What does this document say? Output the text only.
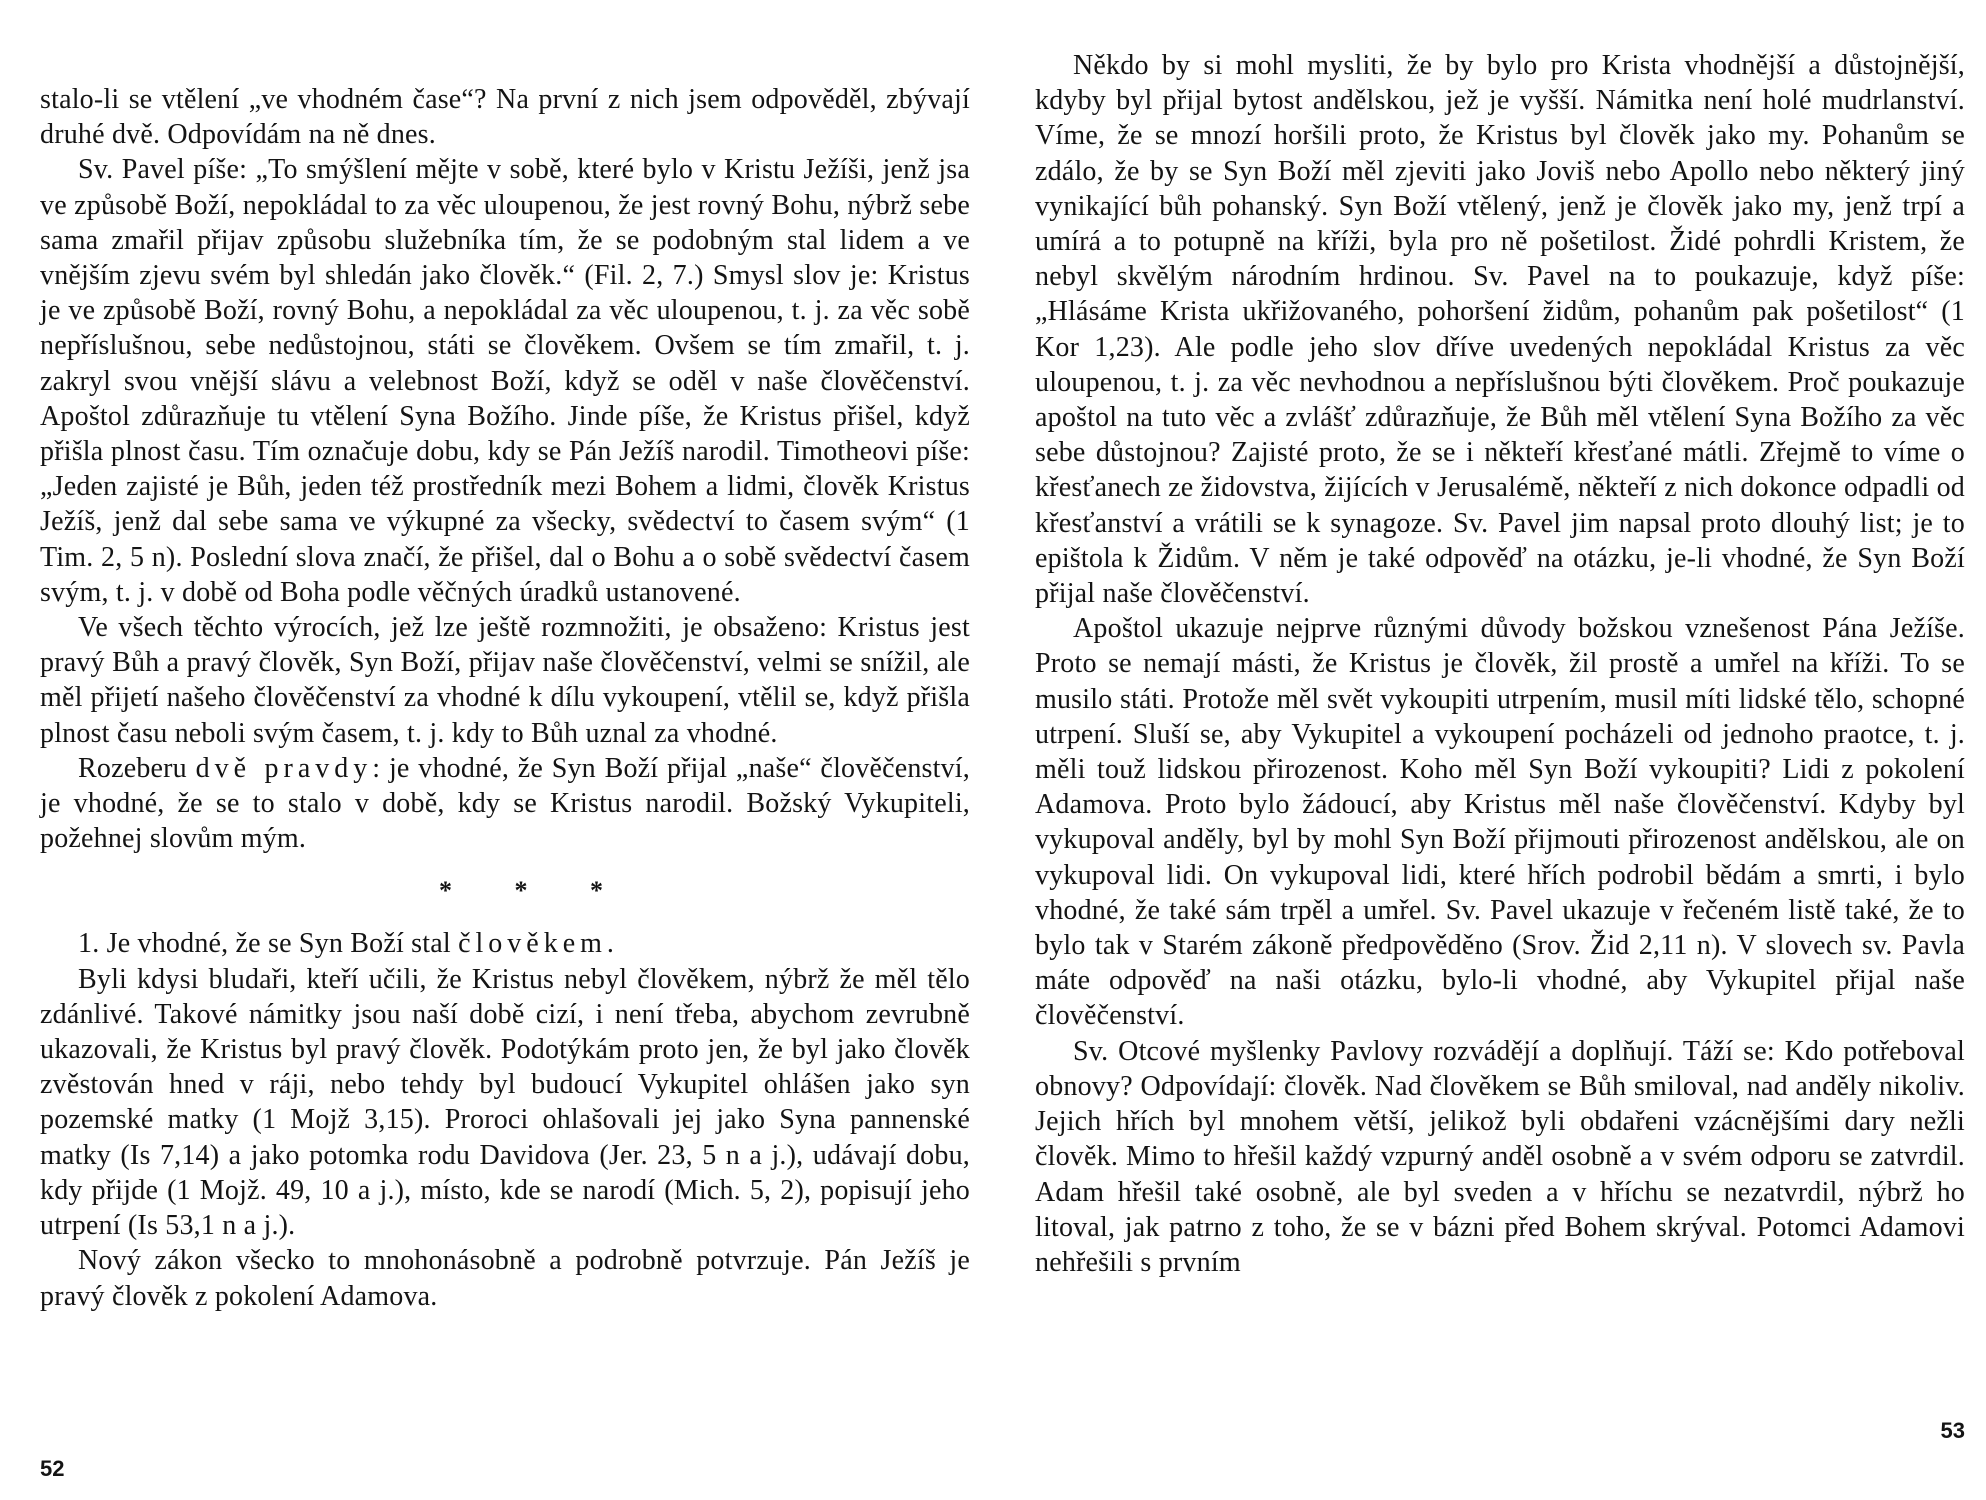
stalo-li se vtělení „ve vhodném čase“? Na první z nich jsem odpověděl, zbývají druhé dvě. Odpovídám na ně dnes.

Sv. Pavel píše: „To smýšlení mějte v sobě, které bylo v Kristu Ježíši, jenž jsa ve způsobě Boží, nepokládal to za věc uloupenou, že jest rovný Bohu, nýbrž sebe sama zmařil přijav způsobu služebníka tím, že se podobným stal lidem a ve vnějším zjevu svém byl shledán jako člověk.“ (Fil. 2, 7.) Smysl slov je: Kristus je ve způsobě Boží, rovný Bohu, a nepokládal za věc uloupenou, t. j. za věc sobě nepříslušnou, sebe nedůstojnou, státi se člověkem. Ovšem se tím zmařil, t. j. zakryl svou vnější slávu a velebnost Boží, když se oděl v naše člověčenství. Apoštol zdůrazňuje tu vtělení Syna Božího. Jinde píše, že Kristus přišel, když přišla plnost času. Tím označuje dobu, kdy se Pán Ježíš narodil. Timotheovi píše: „Jeden zajisté je Bůh, jeden též prostředník mezi Bohem a lidmi, člověk Kristus Ježíš, jenž dal sebe sama ve výkupné za všecky, svědectví to časem svým“ (1 Tim. 2, 5 n). Poslední slova značí, že přišel, dal o Bohu a o sobě svědectví časem svým, t. j. v době od Boha podle věčných úradků ustanovené.

Ve všech těchto výrocích, jež lze ještě rozmnožiti, je obsaženo: Kristus jest pravý Bůh a pravý člověk, Syn Boží, přijav naše člověčenství, velmi se snížil, ale měl přijetí našeho člověčenství za vhodné k dílu vykoupení, vtělil se, když přišla plnost času neboli svým časem, t. j. kdy to Bůh uznal za vhodné.

Rozeberu dvě pravdy: je vhodné, že Syn Boží přijal „naše“ člověčenství, je vhodné, že se to stalo v době, kdy se Kristus narodil. Božský Vykupiteli, požehnej slovům mým.

* * *

1. Je vhodné, že se Syn Boží stal člověkem.

Byli kdysi bludaři, kteří učili, že Kristus nebyl člověkem, nýbrž že měl tělo zdánlivé. Takové námitky jsou naší době cizí, i není třeba, abychom zevrubně ukazovali, že Kristus byl pravý člověk. Podotýkám proto jen, že byl jako člověk zvěstován hned v ráji, nebo tehdy byl budoucí Vykupitel ohlášen jako syn pozemské matky (1 Mojž 3,15). Proroci ohlašovali jej jako Syna pannenské matky (Is 7,14) a jako potomka rodu Davidova (Jer. 23, 5 n a j.), udávají dobu, kdy přijde (1 Mojž. 49, 10 a j.), místo, kde se narodí (Mich. 5, 2), popisují jeho utrpení (Is 53,1 n a j.).

Nový zákon všecko to mnohonásobně a podrobně potvrzuje. Pán Ježíš je pravý člověk z pokolení Adamova.

52

Někdo by si mohl mysliti, že by bylo pro Krista vhodnější a důstojnější, kdyby byl přijal bytost andělskou, jež je vyšší. Námitka není holé mudrlanství. Víme, že se mnozí horšili proto, že Kristus byl člověk jako my. Pohanům se zdálo, že by se Syn Boží měl zjeviti jako Jovіš nebo Apollo nebo některý jiný vynikající bůh pohanský. Syn Boží vtělený, jenž je člověk jako my, jenž trpí a umírá a to potupně na kříži, byla pro ně pošetilost. Židé pohrdli Kristem, že nebyl skvělým národním hrdinou. Sv. Pavel na to poukazuje, když píše: „Hlásáme Krista ukřižovaného, pohoršení židům, pohanům pak pošetilost“ (1 Kor 1,23). Ale podle jeho slov dříve uvedených nepokládal Kristus za věc uloupenou, t. j. za věc nevhodnou a nepříslušnou býti člověkem. Proč poukazuje apoštol na tuto věc a zvlášť zdůrazňuje, že Bůh měl vtělení Syna Božího za věc sebe důstojnou? Zajisté proto, že se i někteří křesťané mátli. Zřejmě to víme o křesťanech ze židovstva, žijících v Jerusalémě, někteří z nich dokonce odpadli od křesťanství a vrátili se k synagoze. Sv. Pavel jim napsal proto dlouhý list; je to epištola k Židům. V něm je také odpověď na otázku, je-li vhodné, že Syn Boží přijal naše člověčenství.

Apoštol ukazuje nejprve různými důvody božskou vznešenost Pána Ježíše. Proto se nemají másti, že Kristus je člověk, žil prostě a umřel na kříži. To se musilo státi. Protože měl svět vykoupiti utrpením, musil míti lidské tělo, schopné utrpení. Sluší se, aby Vykupitel a vykoupení pocházeli od jednoho praotce, t. j. měli touž lidskou přirozenost. Koho měl Syn Boží vykoupiti? Lidi z pokolení Adamova. Proto bylo žádoucí, aby Kristus měl naše člověčenství. Kdyby byl vykupoval anděly, byl by mohl Syn Boží přijmouti přirozenost andělskou, ale on vykupoval lidi. On vykupoval lidi, které hřích podrobil bědám a smrti, i bylo vhodné, že také sám trpěl a umřel. Sv. Pavel ukazuje v řečeném listě také, že to bylo tak v Starém zákoně předpověděno (Srov. Žid 2,11 n). V slovech sv. Pavla máte odpověď na naši otázku, bylo-li vhodné, aby Vykupitel přijal naše člověčenství.

Sv. Otcové myšlenky Pavlovy rozvádějí a doplňují. Táží se: Kdo potřeboval obnovy? Odpovídají: člověk. Nad člověkem se Bůh smiloval, nad anděly nikoliv. Jejich hřích byl mnohem větší, jelikož byli obdařeni vzácnějšími dary nežli člověk. Mimo to hřešil každý vzpurný anděl osobně a v svém odporu se zatvrdil. Adam hřešil také osobně, ale byl sveden a v hříchu se nezatvrdil, nýbrž ho litoval, jak patrno z toho, že se v bázni před Bohem skrýval. Potomci Adamovi nehřešili s prvním

53
